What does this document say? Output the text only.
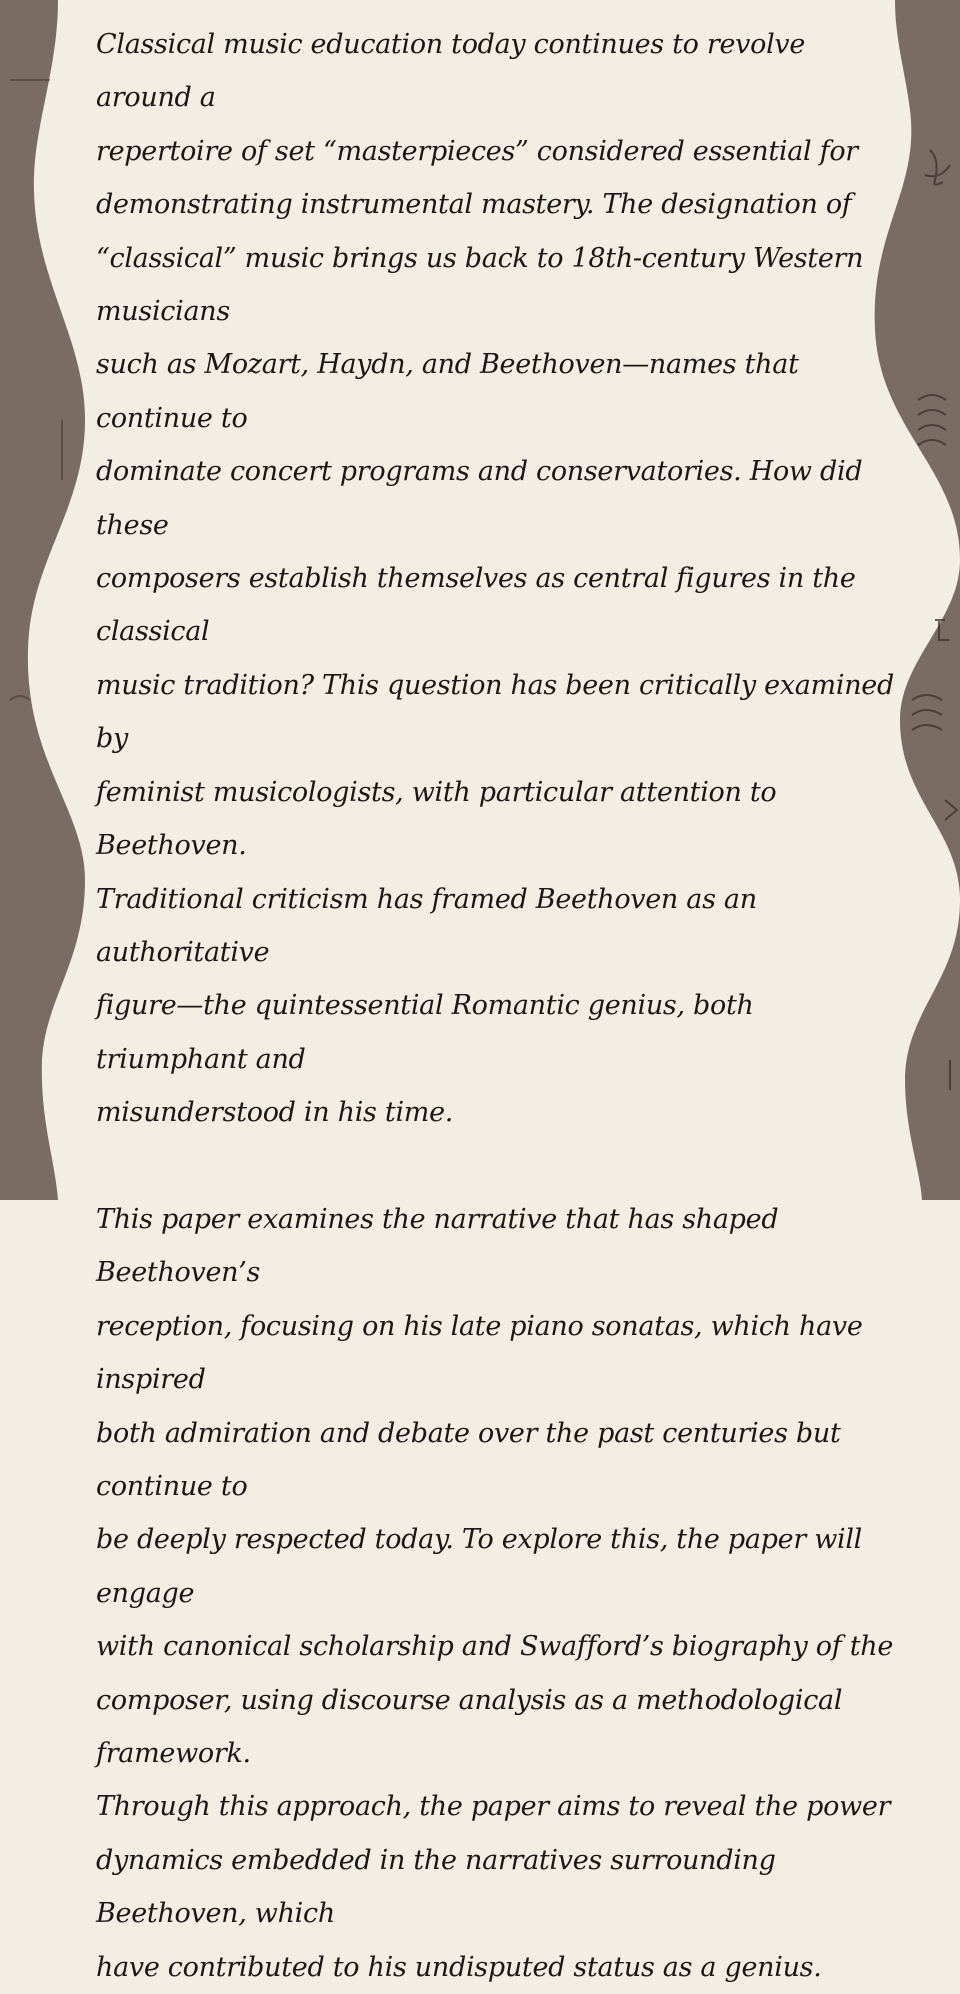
Classical music education today continues to revolve around a
repertoire of set “masterpieces” considered essential for
demonstrating instrumental mastery. The designation of
“classical” music brings us back to 18th-century Western musicians
such as Mozart, Haydn, and Beethoven—names that continue to
dominate concert programs and conservatories. How did these
composers establish themselves as central figures in the classical
music tradition? This question has been critically examined by
feminist musicologists, with particular attention to Beethoven.
Traditional criticism has framed Beethoven as an authoritative
figure—the quintessential Romantic genius, both triumphant and
misunderstood in his time.
This paper examines the narrative that has shaped Beethoven’s
reception, focusing on his late piano sonatas, which have inspired
both admiration and debate over the past centuries but continue to
be deeply respected today. To explore this, the paper will engage
with canonical scholarship and Swafford’s biography of the
composer, using discourse analysis as a methodological framework.
Through this approach, the paper aims to reveal the power
dynamics embedded in the narratives surrounding Beethoven, which
have contributed to his undisputed status as a genius.
